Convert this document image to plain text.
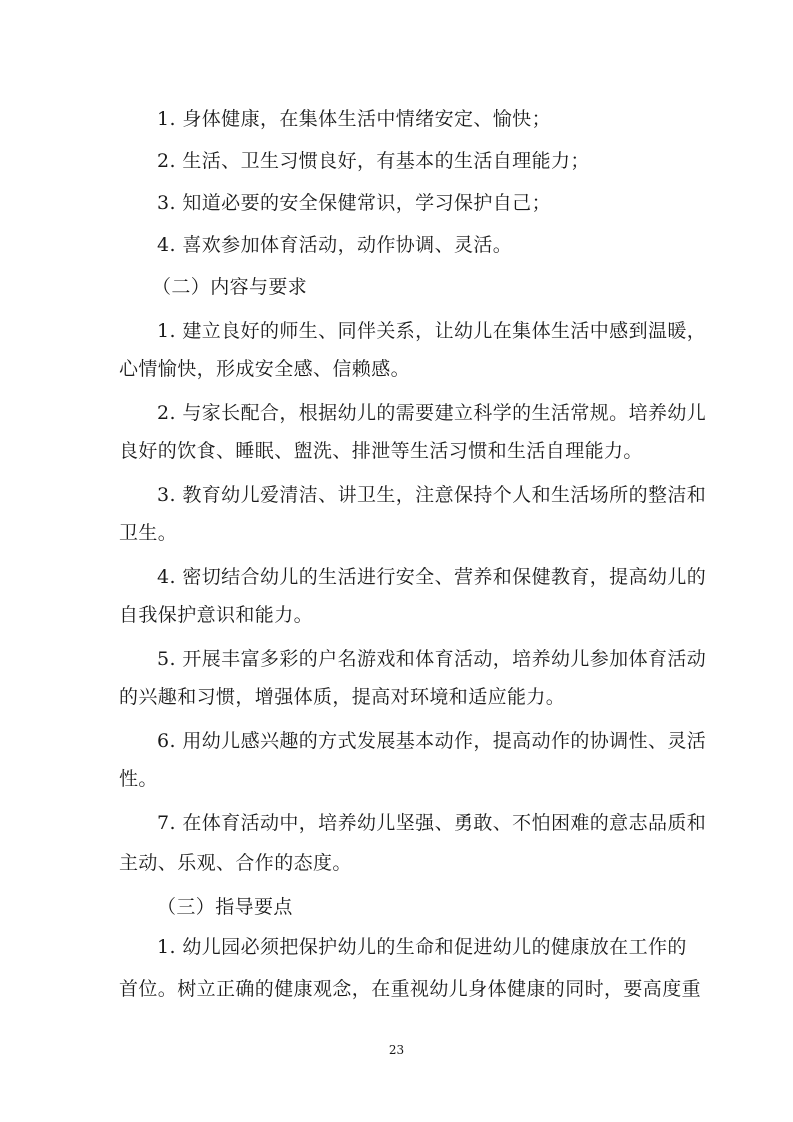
1. 身体健康，在集体生活中情绪安定、愉快；
2. 生活、卫生习惯良好，有基本的生活自理能力；
3. 知道必要的安全保健常识，学习保护自己；
4. 喜欢参加体育活动，动作协调、灵活。
（二）内容与要求
1. 建立良好的师生、同伴关系，让幼儿在集体生活中感到温暖，
心情愉快，形成安全感、信赖感。
2. 与家长配合，根据幼儿的需要建立科学的生活常规。培养幼儿
良好的饮食、睡眠、盥洗、排泄等生活习惯和生活自理能力。
3. 教育幼儿爱清洁、讲卫生，注意保持个人和生活场所的整洁和
卫生。
4. 密切结合幼儿的生活进行安全、营养和保健教育，提高幼儿的
自我保护意识和能力。
5. 开展丰富多彩的户名游戏和体育活动，培养幼儿参加体育活动
的兴趣和习惯，增强体质，提高对环境和适应能力。
6. 用幼儿感兴趣的方式发展基本动作，提高动作的协调性、灵活
性。
7. 在体育活动中，培养幼儿坚强、勇敢、不怕困难的意志品质和
主动、乐观、合作的态度。
（三）指导要点
1. 幼儿园必须把保护幼儿的生命和促进幼儿的健康放在工作的
首位。树立正确的健康观念，在重视幼儿身体健康的同时，要高度重
23
